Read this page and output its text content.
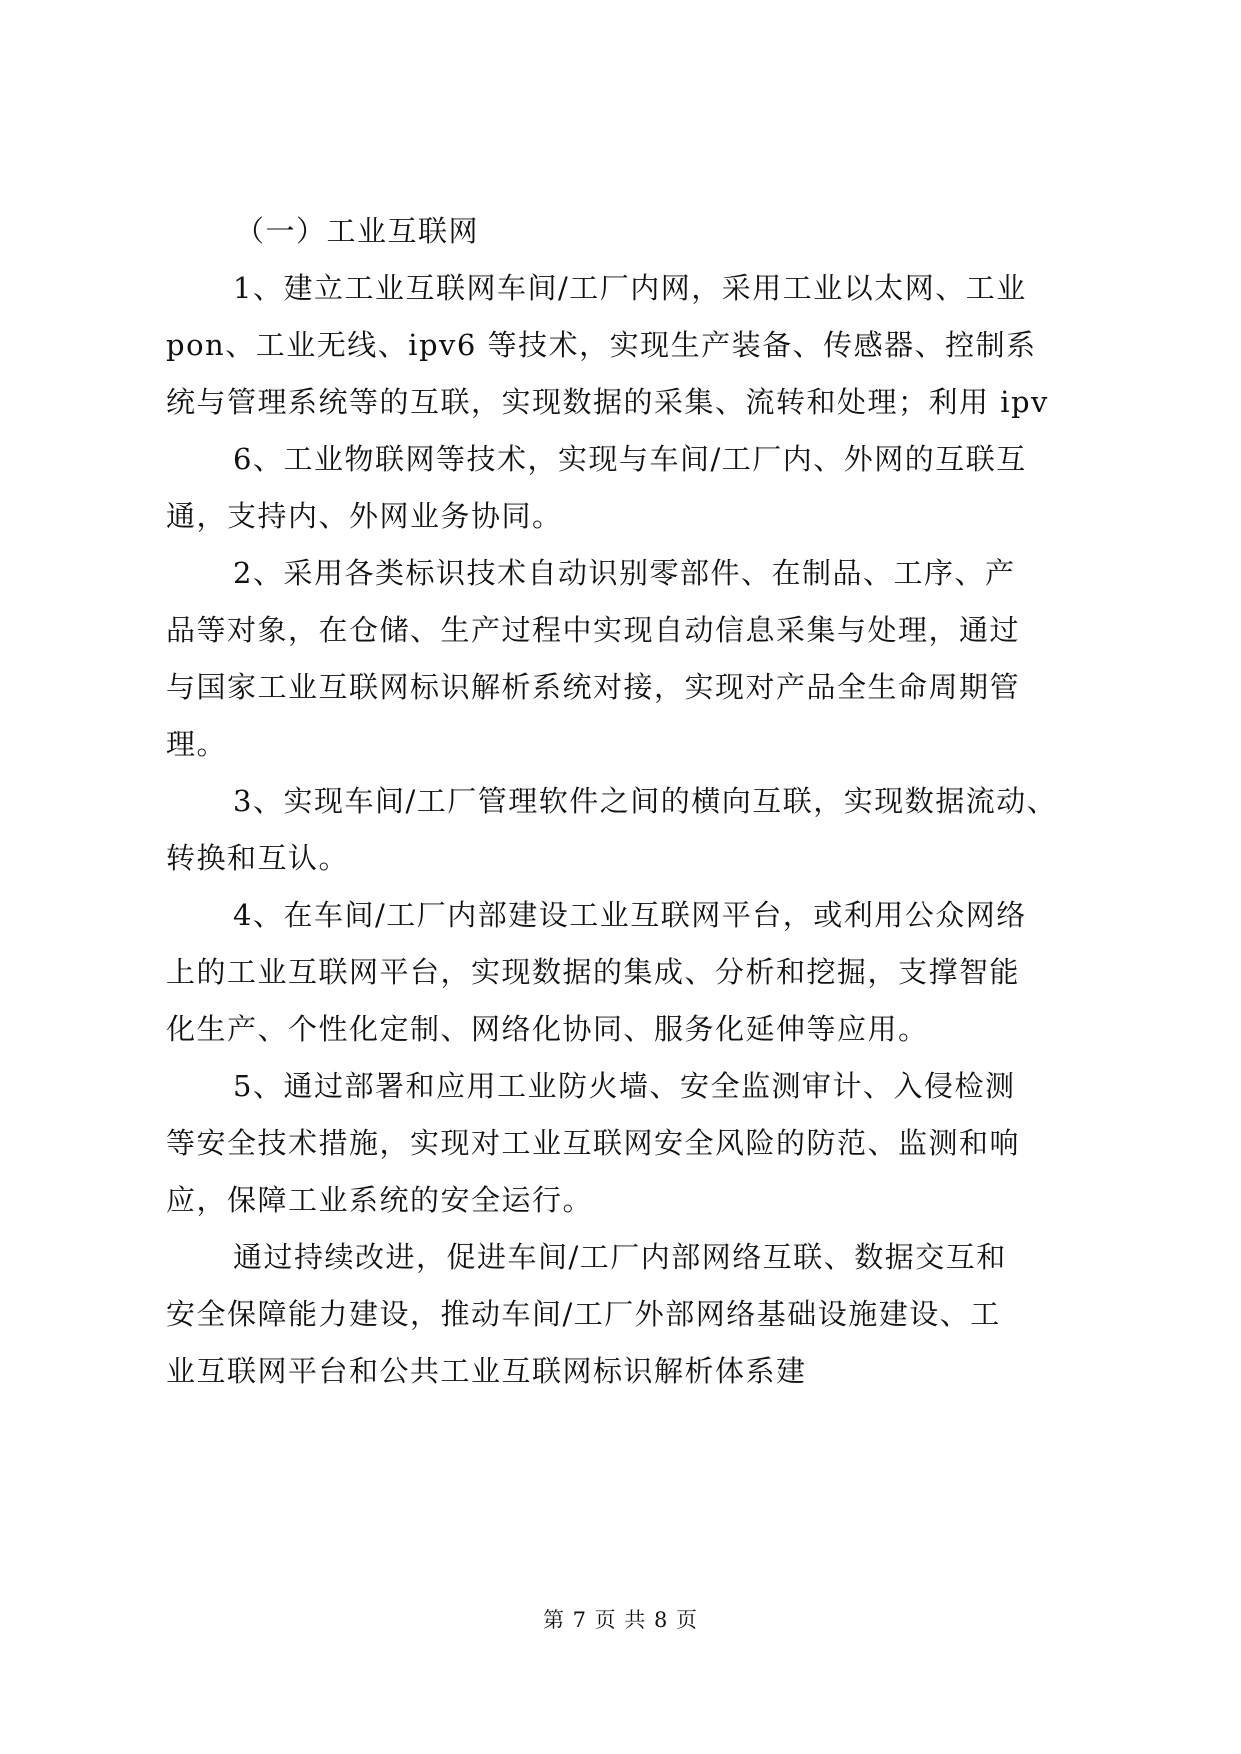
（一）工业互联网

1、建立工业互联网车间/工厂内网，采用工业以太网、工业

pon、工业无线、ipv6 等技术，实现生产装备、传感器、控制系

统与管理系统等的互联，实现数据的采集、流转和处理；利用 ipv

6、工业物联网等技术，实现与车间/工厂内、外网的互联互

通，支持内、外网业务协同。

2、采用各类标识技术自动识别零部件、在制品、工序、产

品等对象，在仓储、生产过程中实现自动信息采集与处理，通过

与国家工业互联网标识解析系统对接，实现对产品全生命周期管

理。

3、实现车间/工厂管理软件之间的横向互联，实现数据流动、

转换和互认。

4、在车间/工厂内部建设工业互联网平台，或利用公众网络

上的工业互联网平台，实现数据的集成、分析和挖掘，支撑智能

化生产、个性化定制、网络化协同、服务化延伸等应用。

5、通过部署和应用工业防火墙、安全监测审计、入侵检测

等安全技术措施，实现对工业互联网安全风险的防范、监测和响

应，保障工业系统的安全运行。

通过持续改进，促进车间/工厂内部网络互联、数据交互和

安全保障能力建设，推动车间/工厂外部网络基础设施建设、工

业互联网平台和公共工业互联网标识解析体系建

第 7 页 共 8 页
